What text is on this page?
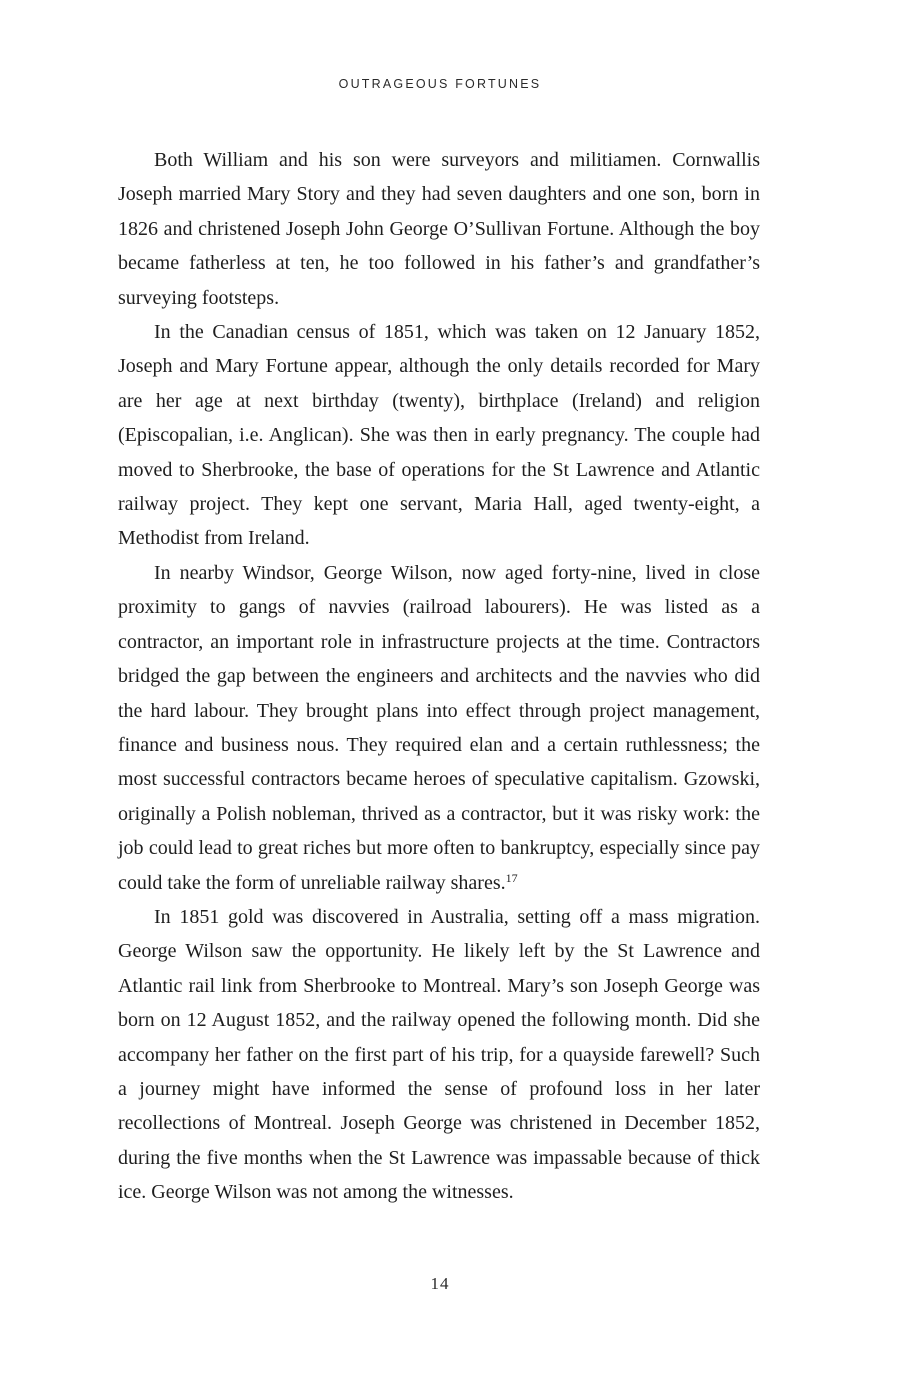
OUTRAGEOUS FORTUNES

Both William and his son were surveyors and militiamen. Cornwallis Joseph married Mary Story and they had seven daughters and one son, born in 1826 and christened Joseph John George O’Sullivan Fortune. Although the boy became fatherless at ten, he too followed in his father’s and grandfather’s surveying footsteps.

In the Canadian census of 1851, which was taken on 12 January 1852, Joseph and Mary Fortune appear, although the only details recorded for Mary are her age at next birthday (twenty), birthplace (Ireland) and religion (Episcopalian, i.e. Anglican). She was then in early pregnancy. The couple had moved to Sherbrooke, the base of operations for the St Lawrence and Atlantic railway project. They kept one servant, Maria Hall, aged twenty-eight, a Methodist from Ireland.

In nearby Windsor, George Wilson, now aged forty-nine, lived in close proximity to gangs of navvies (railroad labourers). He was listed as a contractor, an important role in infrastructure projects at the time. Contractors bridged the gap between the engineers and architects and the navvies who did the hard labour. They brought plans into effect through project management, finance and business nous. They required elan and a certain ruthlessness; the most successful contractors became heroes of speculative capitalism. Gzowski, originally a Polish nobleman, thrived as a contractor, but it was risky work: the job could lead to great riches but more often to bankruptcy, especially since pay could take the form of unreliable railway shares.$^{17}$

In 1851 gold was discovered in Australia, setting off a mass migration. George Wilson saw the opportunity. He likely left by the St Lawrence and Atlantic rail link from Sherbrooke to Montreal. Mary’s son Joseph George was born on 12 August 1852, and the railway opened the following month. Did she accompany her father on the first part of his trip, for a quayside farewell? Such a journey might have informed the sense of profound loss in her later recollections of Montreal. Joseph George was christened in December 1852, during the five months when the St Lawrence was impassable because of thick ice. George Wilson was not among the witnesses.

14
